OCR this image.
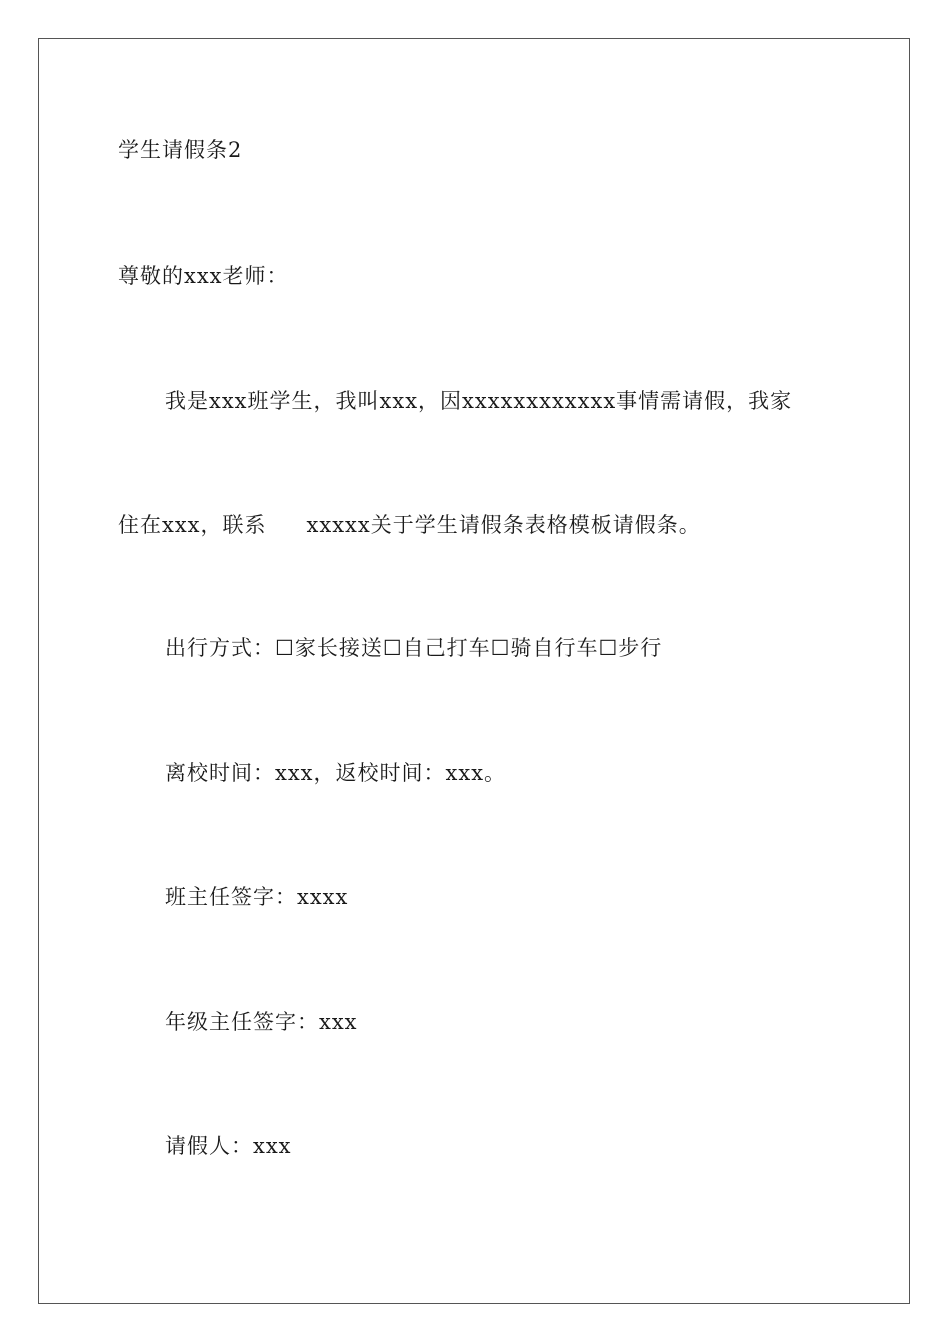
学生请假条2
尊敬的xxx老师：
我是xxx班学生，我叫xxx，因xxxxxxxxxxxx事情需请假，我家
住在xxx，联系 xxxxx关于学生请假条表格模板请假条。
出行方式：☐家长接送☐自己打车☐骑自行车☐步行
离校时间：xxx，返校时间：xxx。
班主任签字：xxxx
年级主任签字：xxx
请假人：xxx
